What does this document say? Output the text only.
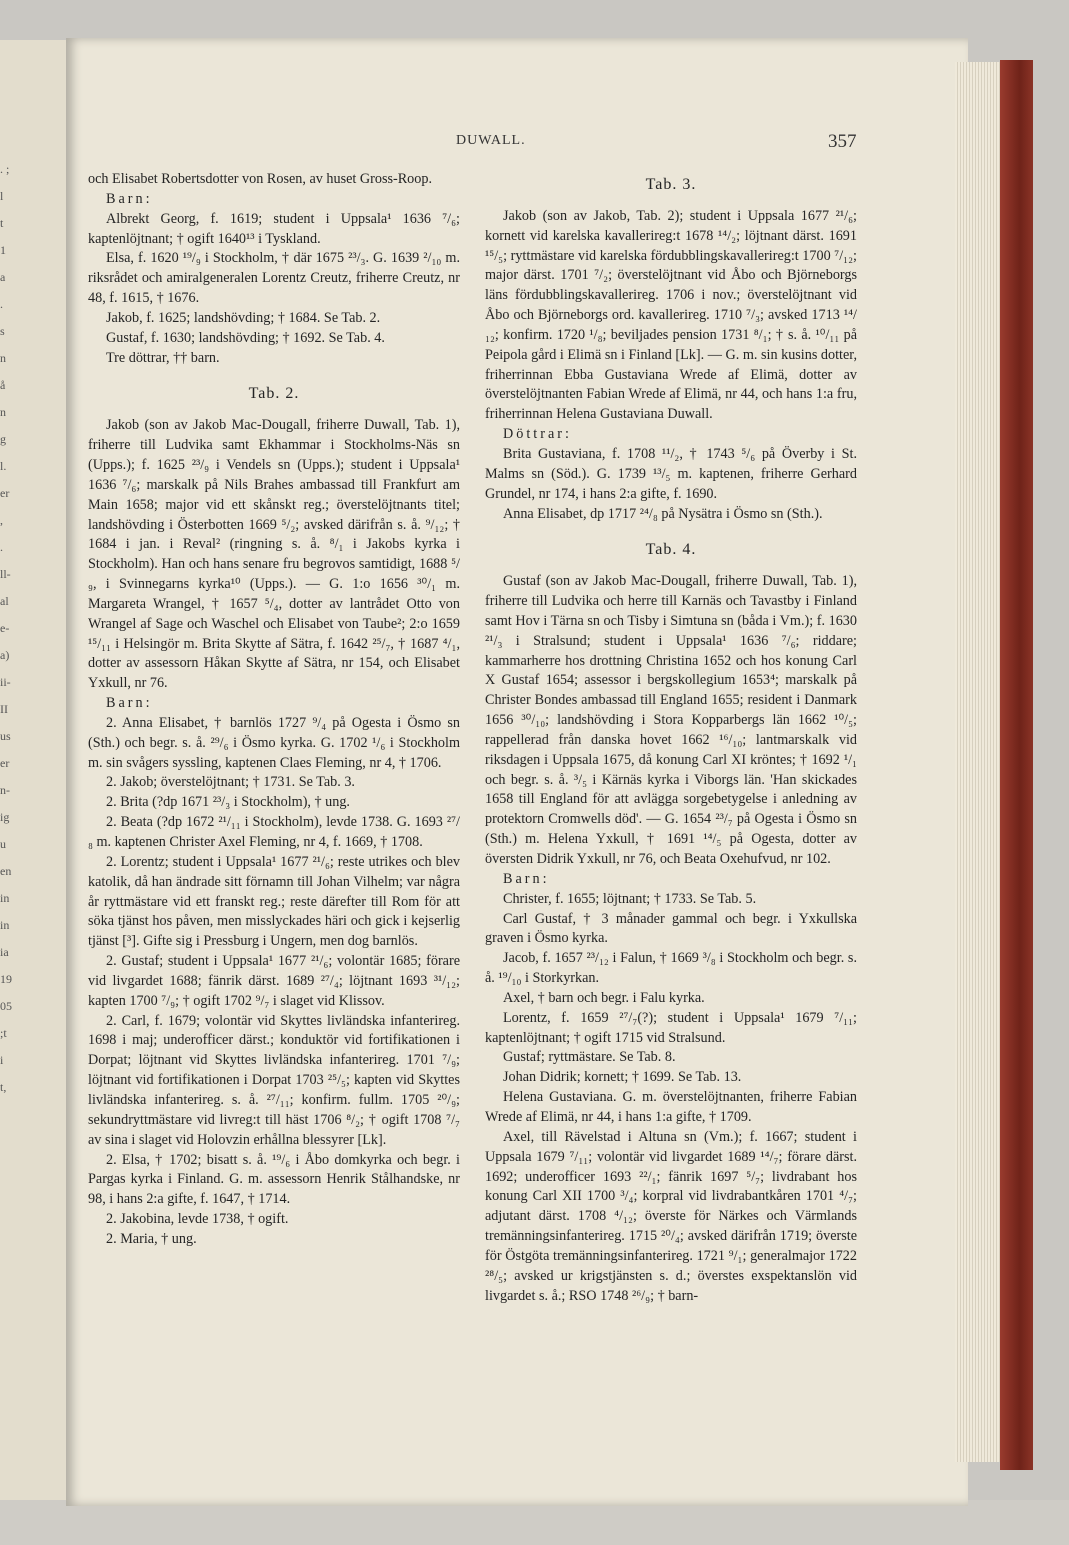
. ;
l
t
1
a
.
s
n
å
n
g
l.
er
,
.
ll-
al
e-
a)
ii-
II
us
er
n-
ig
u
en
in
in
ia
19
05
;t
i
t,
DUWALL.	357

och Elisabet Robertsdotter von Rosen, av huset Gross-Roop.

Barn:

Albrekt Georg, f. 1619; student i Uppsala¹ 1636 ⁷/₆; kaptenlöjtnant; † ogift 1640¹³ i Tyskland.

Elsa, f. 1620 ¹⁹/₉ i Stockholm, † där 1675 ²³/₃. G. 1639 ²/₁₀ m. riksrådet och amiralgeneralen Lorentz Creutz, friherre Creutz, nr 48, f. 1615, † 1676.

Jakob, f. 1625; landshövding; † 1684. Se Tab. 2.

Gustaf, f. 1630; landshövding; † 1692. Se Tab. 4.

Tre döttrar, †† barn.

Tab. 2.

Jakob (son av Jakob Mac-Dougall, friherre Duwall, Tab. 1), friherre till Ludvika samt Ekhammar i Stockholms-Näs sn (Upps.); f. 1625 ²³/₉ i Vendels sn (Upps.); student i Uppsala¹ 1636 ⁷/₆; marskalk på Nils Brahes ambassad till Frankfurt am Main 1658; major vid ett skånskt reg.; överstelöjtnants titel; landshövding i Österbotten 1669 ⁵/₂; avsked därifrån s. å. ⁹/₁₂; † 1684 i jan. i Reval² (ringning s. å. ⁸/₁ i Jakobs kyrka i Stockholm). Han och hans senare fru begrovos samtidigt, 1688 ⁵/₉, i Svinnegarns kyrka¹⁰ (Upps.). — G. 1:o 1656 ³⁰/₁ m. Margareta Wrangel, † 1657 ⁵/₄, dotter av lantrådet Otto von Wrangel af Sage och Waschel och Elisabet von Taube²; 2:o 1659 ¹⁵/₁₁ i Helsingör m. Brita Skytte af Sätra, f. 1642 ²⁵/₇, † 1687 ⁴/₁, dotter av assessorn Håkan Skytte af Sätra, nr 154, och Elisabet Yxkull, nr 76.

Barn:

2. Anna Elisabet, † barnlös 1727 ⁹/₄ på Ogesta i Ösmo sn (Sth.) och begr. s. å. ²⁹/₆ i Ösmo kyrka. G. 1702 ¹/₆ i Stockholm m. sin svågers syssling, kaptenen Claes Fleming, nr 4, † 1706.

2. Jakob; överstelöjtnant; † 1731. Se Tab. 3.

2. Brita (?dp 1671 ²³/₃ i Stockholm), † ung.

2. Beata (?dp 1672 ²¹/₁₁ i Stockholm), levde 1738. G. 1693 ²⁷/₈ m. kaptenen Christer Axel Fleming, nr 4, f. 1669, † 1708.

2. Lorentz; student i Uppsala¹ 1677 ²¹/₆; reste utrikes och blev katolik, då han ändrade sitt förnamn till Johan Vilhelm; var några år ryttmästare vid ett franskt reg.; reste därefter till Rom för att söka tjänst hos påven, men misslyckades häri och gick i kejserlig tjänst [³]. Gifte sig i Pressburg i Ungern, men dog barnlös.

2. Gustaf; student i Uppsala¹ 1677 ²¹/₆; volontär 1685; förare vid livgardet 1688; fänrik därst. 1689 ²⁷/₄; löjtnant 1693 ³¹/₁₂; kapten 1700 ⁷/₉; † ogift 1702 ⁹/₇ i slaget vid Klissov.

2. Carl, f. 1679; volontär vid Skyttes livländska infanterireg. 1698 i maj; underofficer därst.; konduktör vid fortifikationen i Dorpat; löjtnant vid Skyttes livländska infanterireg. 1701 ⁷/₉; löjtnant vid fortifikationen i Dorpat 1703 ²⁵/₅; kapten vid Skyttes livländska infanterireg. s. å. ²⁷/₁₁; konfirm. fullm. 1705 ²⁰/₉; sekundryttmästare vid livreg:t till häst 1706 ⁸/₂; † ogift 1708 ⁷/₇ av sina i slaget vid Holovzin erhållna blessyrer [Lk].

2. Elsa, † 1702; bisatt s. å. ¹⁹/₆ i Åbo domkyrka och begr. i Pargas kyrka i Finland. G. m. assessorn Henrik Stålhandske, nr 98, i hans 2:a gifte, f. 1647, † 1714.

2. Jakobina, levde 1738, † ogift.

2. Maria, † ung.

Tab. 3.

Jakob (son av Jakob, Tab. 2); student i Uppsala 1677 ²¹/₆; kornett vid karelska kavallerireg:t 1678 ¹⁴/₂; löjtnant därst. 1691 ¹⁵/₅; ryttmästare vid karelska fördubblingskavallerireg:t 1700 ⁷/₁₂; major därst. 1701 ⁷/₂; överstelöjtnant vid Åbo och Björneborgs läns fördubblingskavallerireg. 1706 i nov.; överstelöjtnant vid Åbo och Björneborgs ord. kavallerireg. 1710 ⁷/₃; avsked 1713 ¹⁴/₁₂; konfirm. 1720 ¹/₈; beviljades pension 1731 ⁸/₁; † s. å. ¹⁰/₁₁ på Peipola gård i Elimä sn i Finland [Lk]. — G. m. sin kusins dotter, friherrinnan Ebba Gustaviana Wrede af Elimä, dotter av överstelöjtnanten Fabian Wrede af Elimä, nr 44, och hans 1:a fru, friherrinnan Helena Gustaviana Duwall.

Döttrar:

Brita Gustaviana, f. 1708 ¹¹/₂, † 1743 ⁵/₆ på Överby i St. Malms sn (Söd.). G. 1739 ¹³/₅ m. kaptenen, friherre Gerhard Grundel, nr 174, i hans 2:a gifte, f. 1690.

Anna Elisabet, dp 1717 ²⁴/₈ på Nysätra i Ösmo sn (Sth.).

Tab. 4.

Gustaf (son av Jakob Mac-Dougall, friherre Duwall, Tab. 1), friherre till Ludvika och herre till Karnäs och Tavastby i Finland samt Hov i Tärna sn och Tisby i Simtuna sn (båda i Vm.); f. 1630 ²¹/₃ i Stralsund; student i Uppsala¹ 1636 ⁷/₆; riddare; kammarherre hos drottning Christina 1652 och hos konung Carl X Gustaf 1654; assessor i bergskollegium 1653⁴; marskalk på Christer Bondes ambassad till England 1655; resident i Danmark 1656 ³⁰/₁₀; landshövding i Stora Kopparbergs län 1662 ¹⁰/₅; rappellerad från danska hovet 1662 ¹⁶/₁₀; lantmarskalk vid riksdagen i Uppsala 1675, då konung Carl XI kröntes; † 1692 ¹/₁ och begr. s. å. ³/₅ i Kärnäs kyrka i Viborgs län. 'Han skickades 1658 till England för att avlägga sorgebetygelse i anledning av protektorn Cromwells död'. — G. 1654 ²³/₇ på Ogesta i Ösmo sn (Sth.) m. Helena Yxkull, † 1691 ¹⁴/₅ på Ogesta, dotter av översten Didrik Yxkull, nr 76, och Beata Oxehufvud, nr 102.

Barn:

Christer, f. 1655; löjtnant; † 1733. Se Tab. 5.

Carl Gustaf, † 3 månader gammal och begr. i Yxkullska graven i Ösmo kyrka.

Jacob, f. 1657 ²³/₁₂ i Falun, † 1669 ³/₈ i Stockholm och begr. s. å. ¹⁹/₁₀ i Storkyrkan.

Axel, † barn och begr. i Falu kyrka.

Lorentz, f. 1659 ²⁷/₇(?); student i Uppsala¹ 1679 ⁷/₁₁; kaptenlöjtnant; † ogift 1715 vid Stralsund.

Gustaf; ryttmästare. Se Tab. 8.

Johan Didrik; kornett; † 1699. Se Tab. 13.

Helena Gustaviana. G. m. överstelöjtnanten, friherre Fabian Wrede af Elimä, nr 44, i hans 1:a gifte, † 1709.

Axel, till Rävelstad i Altuna sn (Vm.); f. 1667; student i Uppsala 1679 ⁷/₁₁; volontär vid livgardet 1689 ¹⁴/₇; förare därst. 1692; underofficer 1693 ²²/₁; fänrik 1697 ⁵/₇; livdrabant hos konung Carl XII 1700 ³/₄; korpral vid livdrabantkåren 1701 ⁴/₇; adjutant därst. 1708 ⁴/₁₂; överste för Närkes och Värmlands tremänningsinfanterireg. 1715 ²⁰/₄; avsked därifrån 1719; överste för Östgöta tremänningsinfanterireg. 1721 ⁹/₁; generalmajor 1722 ²⁸/₅; avsked ur krigstjänsten s. d.; överstes exspektanslön vid livgardet s. å.; RSO 1748 ²⁶/₉; † barn-
